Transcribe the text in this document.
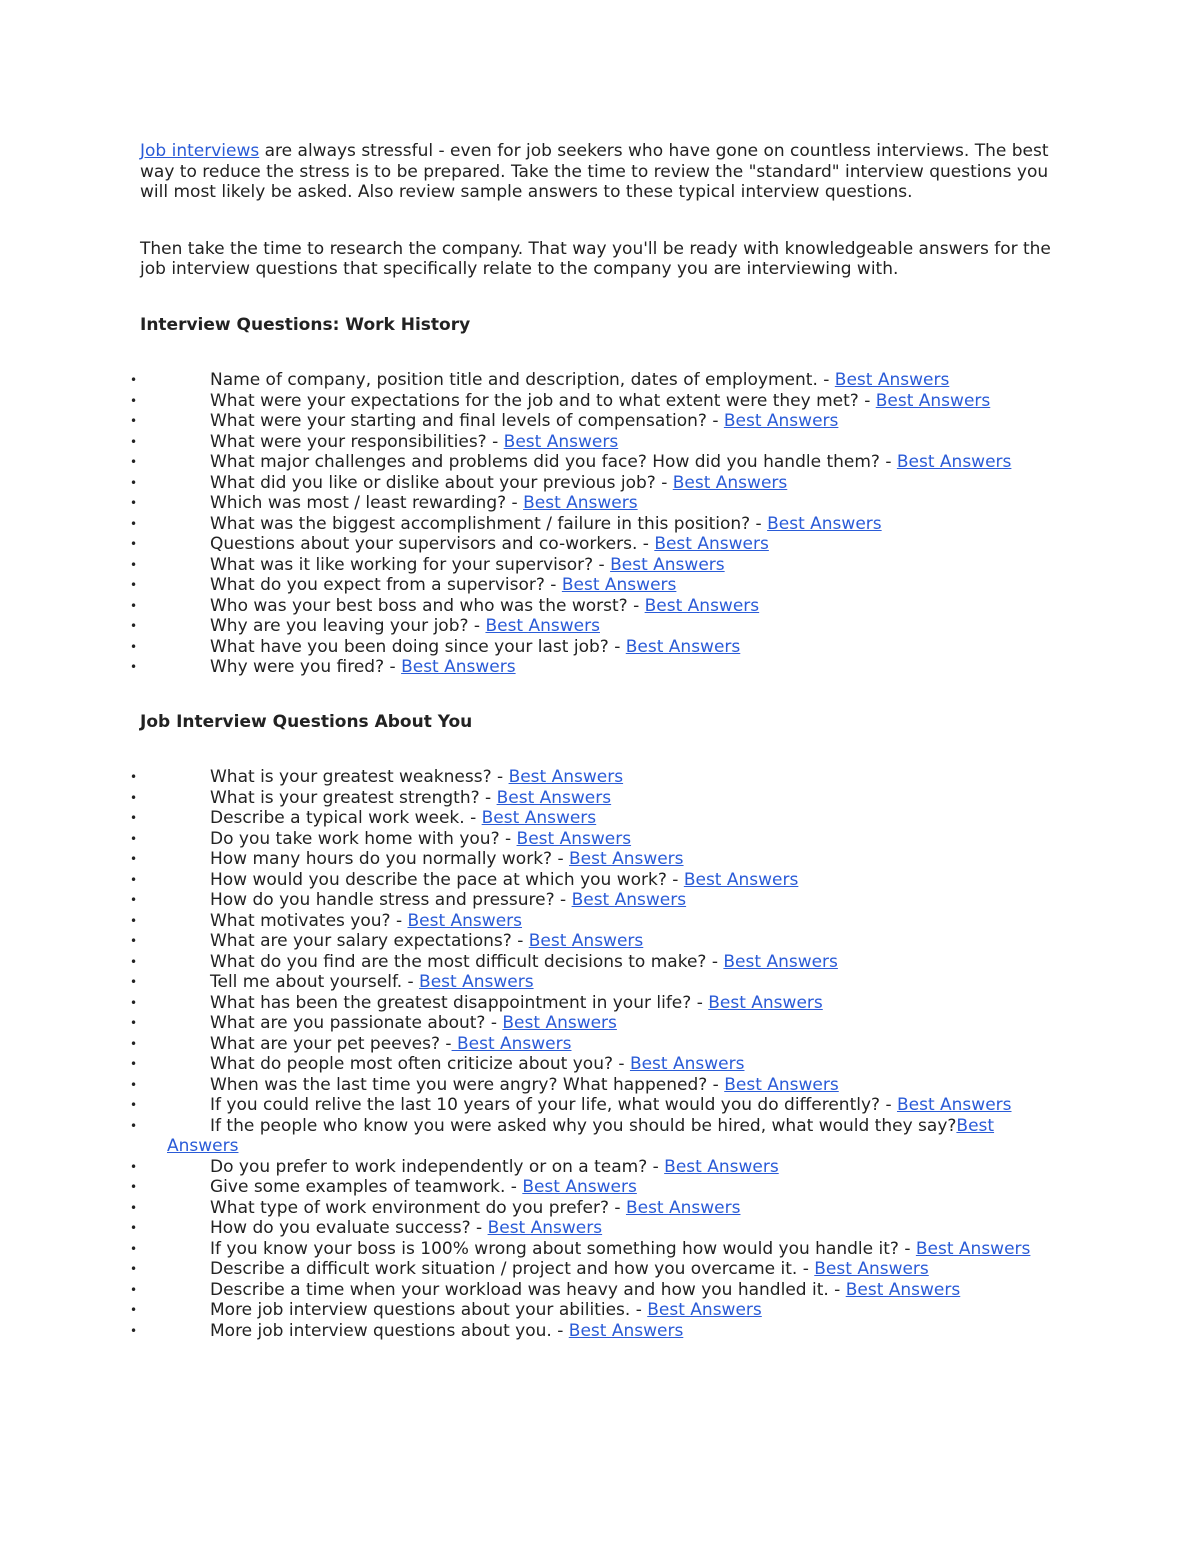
Job interviews are always stressful - even for job seekers who have gone on countless interviews. The best way to reduce the stress is to be prepared. Take the time to review the "standard" interview questions you will most likely be asked. Also review sample answers to these typical interview questions.

Then take the time to research the company. That way you'll be ready with knowledgeable answers for the job interview questions that specifically relate to the company you are interviewing with.

Interview Questions: Work History
•	Name of company, position title and description, dates of employment. - Best Answers
•	What were your expectations for the job and to what extent were they met? - Best Answers
•	What were your starting and final levels of compensation? - Best Answers
•	What were your responsibilities? - Best Answers
•	What major challenges and problems did you face? How did you handle them? - Best Answers
•	What did you like or dislike about your previous job? - Best Answers
•	Which was most / least rewarding? - Best Answers
•	What was the biggest accomplishment / failure in this position? - Best Answers
•	Questions about your supervisors and co-workers. - Best Answers
•	What was it like working for your supervisor? - Best Answers
•	What do you expect from a supervisor? - Best Answers
•	Who was your best boss and who was the worst? - Best Answers
•	Why are you leaving your job? - Best Answers
•	What have you been doing since your last job? - Best Answers
•	Why were you fired? - Best Answers
Job Interview Questions About You
•	What is your greatest weakness? - Best Answers
•	What is your greatest strength? - Best Answers
•	Describe a typical work week. - Best Answers
•	Do you take work home with you? - Best Answers
•	How many hours do you normally work? - Best Answers
•	How would you describe the pace at which you work? - Best Answers
•	How do you handle stress and pressure? - Best Answers
•	What motivates you? - Best Answers
•	What are your salary expectations? - Best Answers
•	What do you find are the most difficult decisions to make? - Best Answers
•	Tell me about yourself. - Best Answers
•	What has been the greatest disappointment in your life? - Best Answers
•	What are you passionate about? - Best Answers
•	What are your pet peeves? - Best Answers
•	What do people most often criticize about you? - Best Answers
•	When was the last time you were angry? What happened? - Best Answers
•	If you could relive the last 10 years of your life, what would you do differently? - Best Answers
•	If the people who know you were asked why you should be hired, what would they say?Best Answers
•	Do you prefer to work independently or on a team? - Best Answers
•	Give some examples of teamwork. - Best Answers
•	What type of work environment do you prefer? - Best Answers
•	How do you evaluate success? - Best Answers
•	If you know your boss is 100% wrong about something how would you handle it? - Best Answers
•	Describe a difficult work situation / project and how you overcame it. - Best Answers
•	Describe a time when your workload was heavy and how you handled it. - Best Answers
•	More job interview questions about your abilities. - Best Answers
•	More job interview questions about you. - Best Answers
